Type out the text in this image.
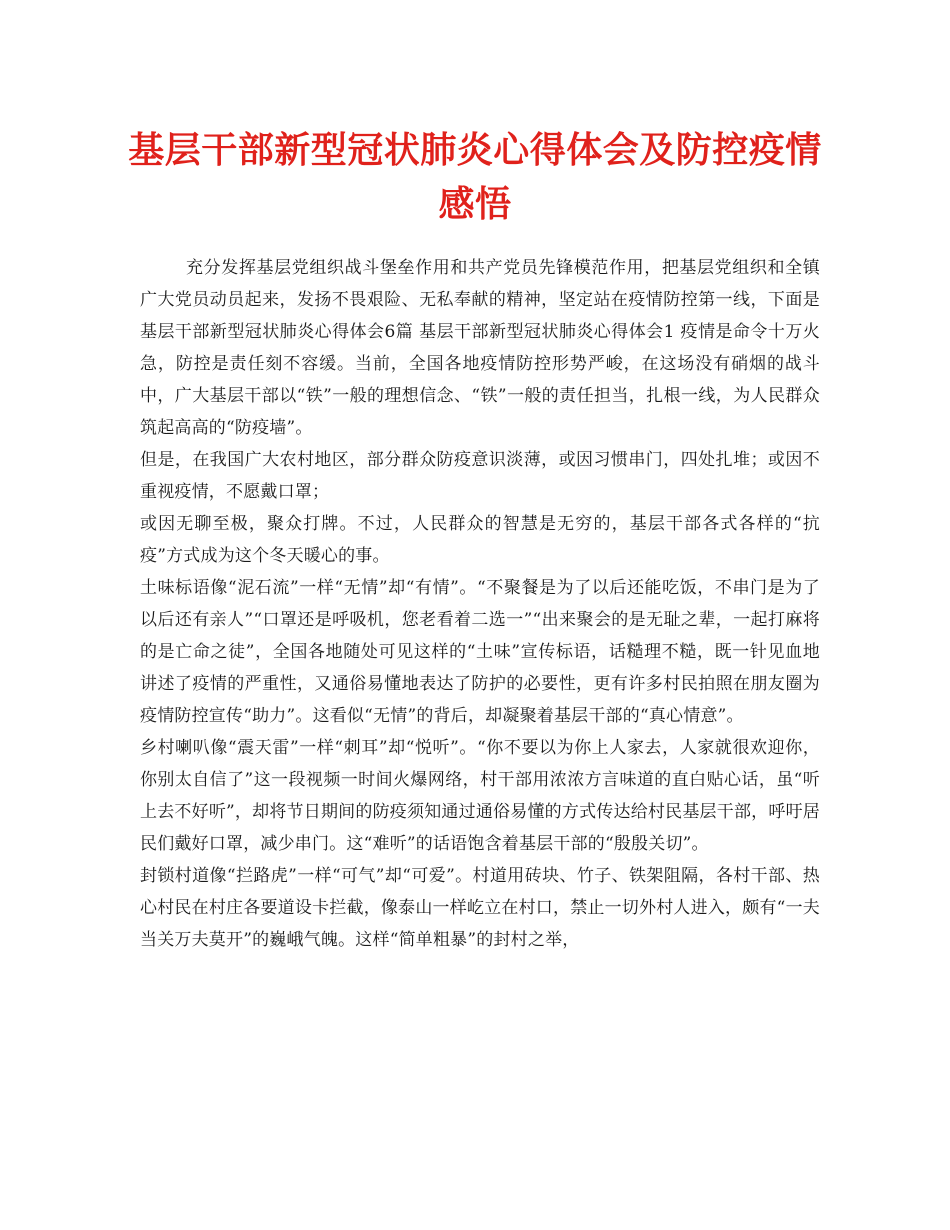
基层干部新型冠状肺炎心得体会及防控疫情感悟

充分发挥基层党组织战斗堡垒作用和共产党员先锋模范作用，把基层党组织和全镇广大党员动员起来，发扬不畏艰险、无私奉献的精神，坚定站在疫情防控第一线，下面是基层干部新型冠状肺炎心得体会6篇 基层干部新型冠状肺炎心得体会1 疫情是命令十万火急，防控是责任刻不容缓。当前，全国各地疫情防控形势严峻，在这场没有硝烟的战斗中，广大基层干部以“铁”一般的理想信念、“铁”一般的责任担当，扎根一线，为人民群众筑起高高的“防疫墙”。

但是，在我国广大农村地区，部分群众防疫意识淡薄，或因习惯串门，四处扎堆；或因不重视疫情，不愿戴口罩；

或因无聊至极，聚众打牌。不过，人民群众的智慧是无穷的，基层干部各式各样的“抗疫”方式成为这个冬天暖心的事。

土味标语像“泥石流”一样“无情”却“有情”。“不聚餐是为了以后还能吃饭，不串门是为了以后还有亲人”“口罩还是呼吸机，您老看着二选一”“出来聚会的是无耻之辈，一起打麻将的是亡命之徒”，全国各地随处可见这样的“土味”宣传标语，话糙理不糙，既一针见血地讲述了疫情的严重性，又通俗易懂地表达了防护的必要性，更有许多村民拍照在朋友圈为疫情防控宣传“助力”。这看似“无情”的背后，却凝聚着基层干部的“真心情意”。

乡村喇叭像“震天雷”一样“刺耳”却“悦听”。“你不要以为你上人家去，人家就很欢迎你，你别太自信了”这一段视频一时间火爆网络，村干部用浓浓方言味道的直白贴心话，虽“听上去不好听”，却将节日期间的防疫须知通过通俗易懂的方式传达给村民基层干部，呼吁居民们戴好口罩，减少串门。这“难听”的话语饱含着基层干部的“殷殷关切”。

封锁村道像“拦路虎”一样“可气”却“可爱”。村道用砖块、竹子、铁架阻隔，各村干部、热心村民在村庄各要道设卡拦截，像泰山一样屹立在村口，禁止一切外村人进入，颇有“一夫当关万夫莫开”的巍峨气魄。这样“简单粗暴”的封村之举，
